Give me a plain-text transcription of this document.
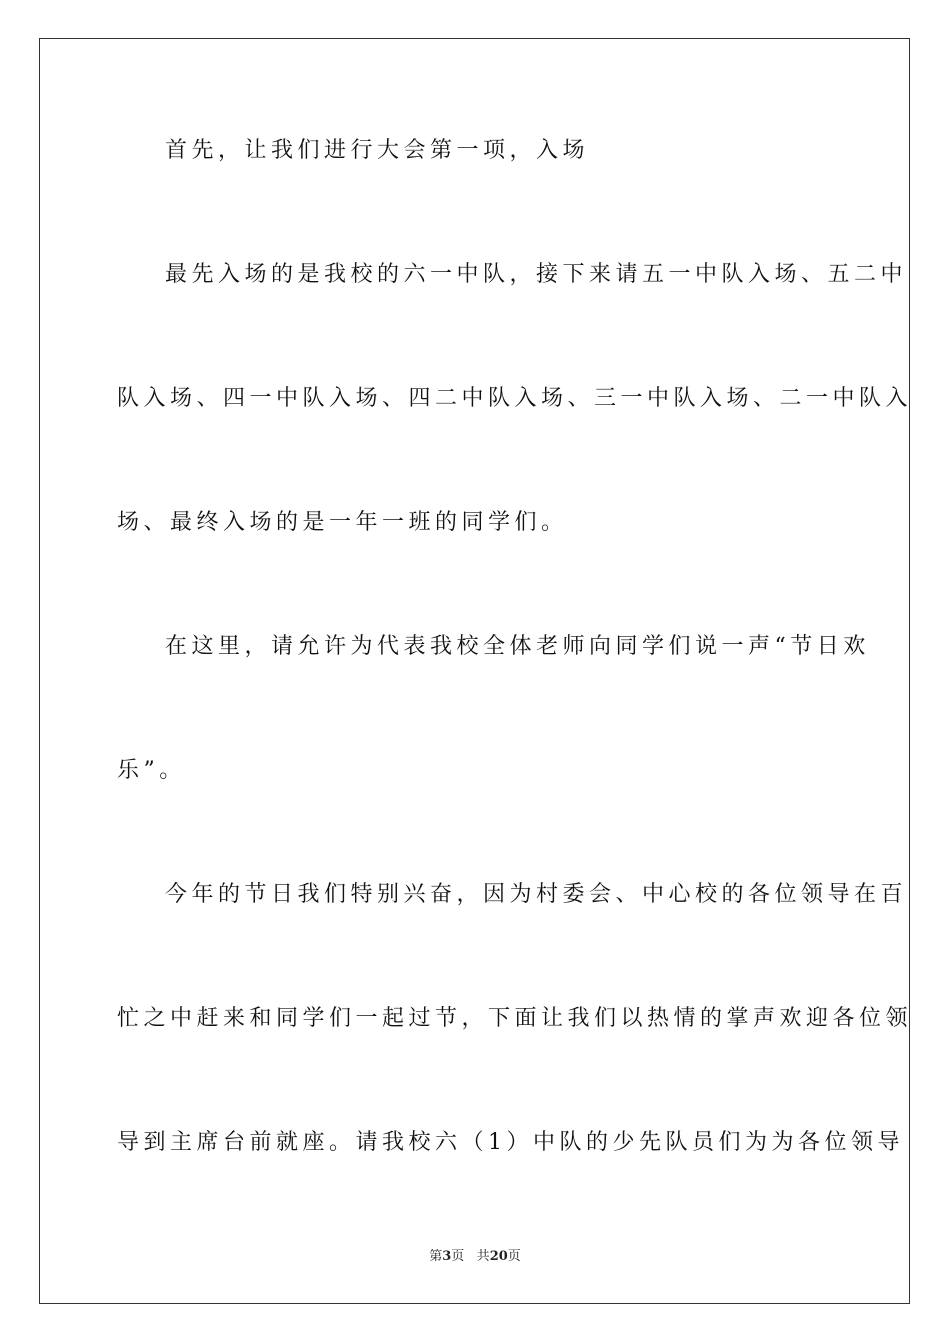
首先，让我们进行大会第一项，入场
最先入场的是我校的六一中队，接下来请五一中队入场、五二中
队入场、四一中队入场、四二中队入场、三一中队入场、二一中队入
场、最终入场的是一年一班的同学们。
在这里，请允许为代表我校全体老师向同学们说一声“节日欢
乐”。
今年的节日我们特别兴奋，因为村委会、中心校的各位领导在百
忙之中赶来和同学们一起过节，下面让我们以热情的掌声欢迎各位领
导到主席台前就座。请我校六（1）中队的少先队员们为为各位领导
第3页 共20页
